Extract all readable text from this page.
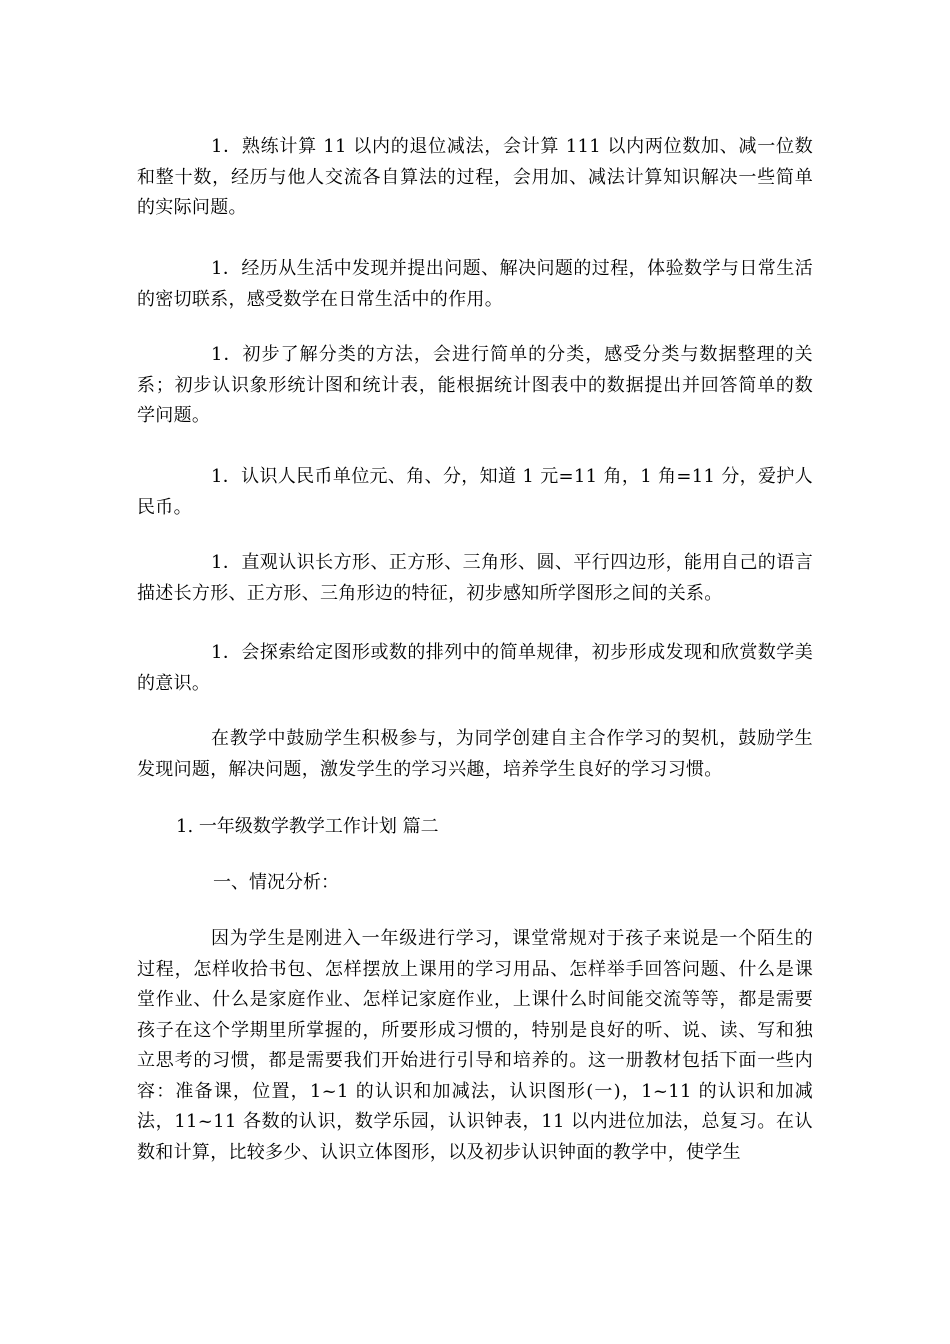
1．熟练计算 11 以内的退位减法，会计算 111 以内两位数加、减一位数和整十数，经历与他人交流各自算法的过程，会用加、减法计算知识解决一些简单的实际问题。

1．经历从生活中发现并提出问题、解决问题的过程，体验数学与日常生活的密切联系，感受数学在日常生活中的作用。

1．初步了解分类的方法，会进行简单的分类，感受分类与数据整理的关系；初步认识象形统计图和统计表，能根据统计图表中的数据提出并回答简单的数学问题。

1．认识人民币单位元、角、分，知道 1 元=11 角，1 角=11 分，爱护人民币。

1．直观认识长方形、正方形、三角形、圆、平行四边形，能用自己的语言描述长方形、正方形、三角形边的特征，初步感知所学图形之间的关系。

1．会探索给定图形或数的排列中的简单规律，初步形成发现和欣赏数学美的意识。

在教学中鼓励学生积极参与，为同学创建自主合作学习的契机，鼓励学生发现问题，解决问题，激发学生的学习兴趣，培养学生良好的学习习惯。

1. 一年级数学教学工作计划 篇二

一、情况分析：

因为学生是刚进入一年级进行学习，课堂常规对于孩子来说是一个陌生的过程，怎样收拾书包、怎样摆放上课用的学习用品、怎样举手回答问题、什么是课堂作业、什么是家庭作业、怎样记家庭作业，上课什么时间能交流等等，都是需要孩子在这个学期里所掌握的，所要形成习惯的，特别是良好的听、说、读、写和独立思考的习惯，都是需要我们开始进行引导和培养的。这一册教材包括下面一些内容：准备课，位置，1~1 的认识和加减法，认识图形(一)，1~11 的认识和加减法，11~11 各数的认识，数学乐园，认识钟表，11 以内进位加法，总复习。在认数和计算，比较多少、认识立体图形，以及初步认识钟面的教学中，使学生
